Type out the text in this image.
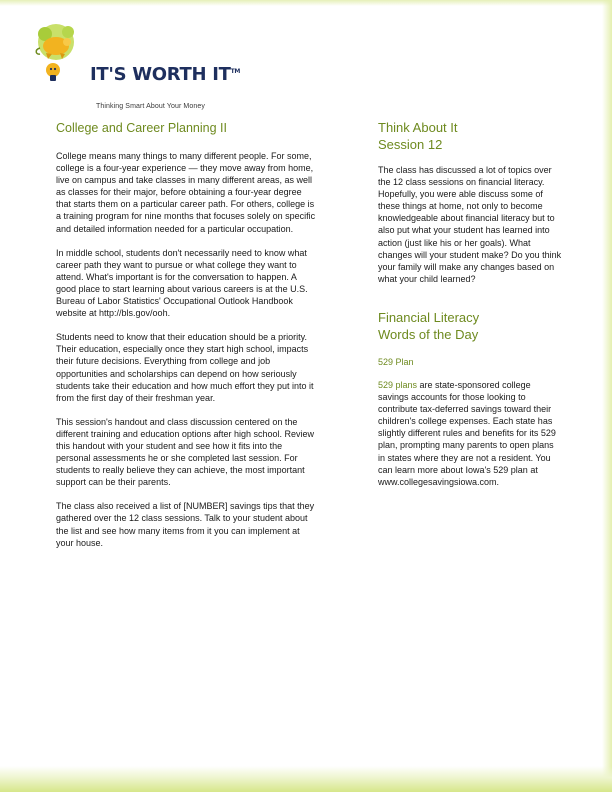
IT'S WORTH IT™
Thinking Smart About Your Money
College and Career Planning II

College means many things to many different people. For some, college is a four-year experience — they move away from home, live on campus and take classes in many different areas, as well as classes for their major, before obtaining a four-year degree that starts them on a particular career path. For others, college is a training program for nine months that focuses solely on specific and detailed information needed for a particular occupation.

In middle school, students don't necessarily need to know what career path they want to pursue or what college they want to attend. What's important is for the conversation to happen. A good place to start learning about various careers is at the U.S. Bureau of Labor Statistics' Occupational Outlook Handbook website at http://bls.gov/ooh.

Students need to know that their education should be a priority. Their education, especially once they start high school, impacts their future decisions. Everything from college and job opportunities and scholarships can depend on how seriously students take their education and how much effort they put into it from the first day of their freshman year.

This session's handout and class discussion centered on the different training and education options after high school. Review this handout with your student and see how it fits into the personal assessments he or she completed last session. For students to really believe they can achieve, the most important support can be their parents.

The class also received a list of [NUMBER] savings tips that they gathered over the 12 class sessions. Talk to your student about the list and see how many items from it you can implement at your house.

Think About It Session 12

The class has discussed a lot of topics over the 12 class sessions on financial literacy. Hopefully, you were able discuss some of these things at home, not only to become knowledgeable about financial literacy but to also put what your student has learned into action (just like his or her goals). What changes will your student make? Do you think your family will make any changes based on what your child learned?

Financial Literacy Words of the Day
529 Plan

529 plans are state-sponsored college savings accounts for those looking to contribute tax-deferred savings toward their children's college expenses. Each state has slightly different rules and benefits for its 529 plan, prompting many parents to open plans in states where they are not a resident. You can learn more about Iowa's 529 plan at www.collegesavingsiowa.com.
